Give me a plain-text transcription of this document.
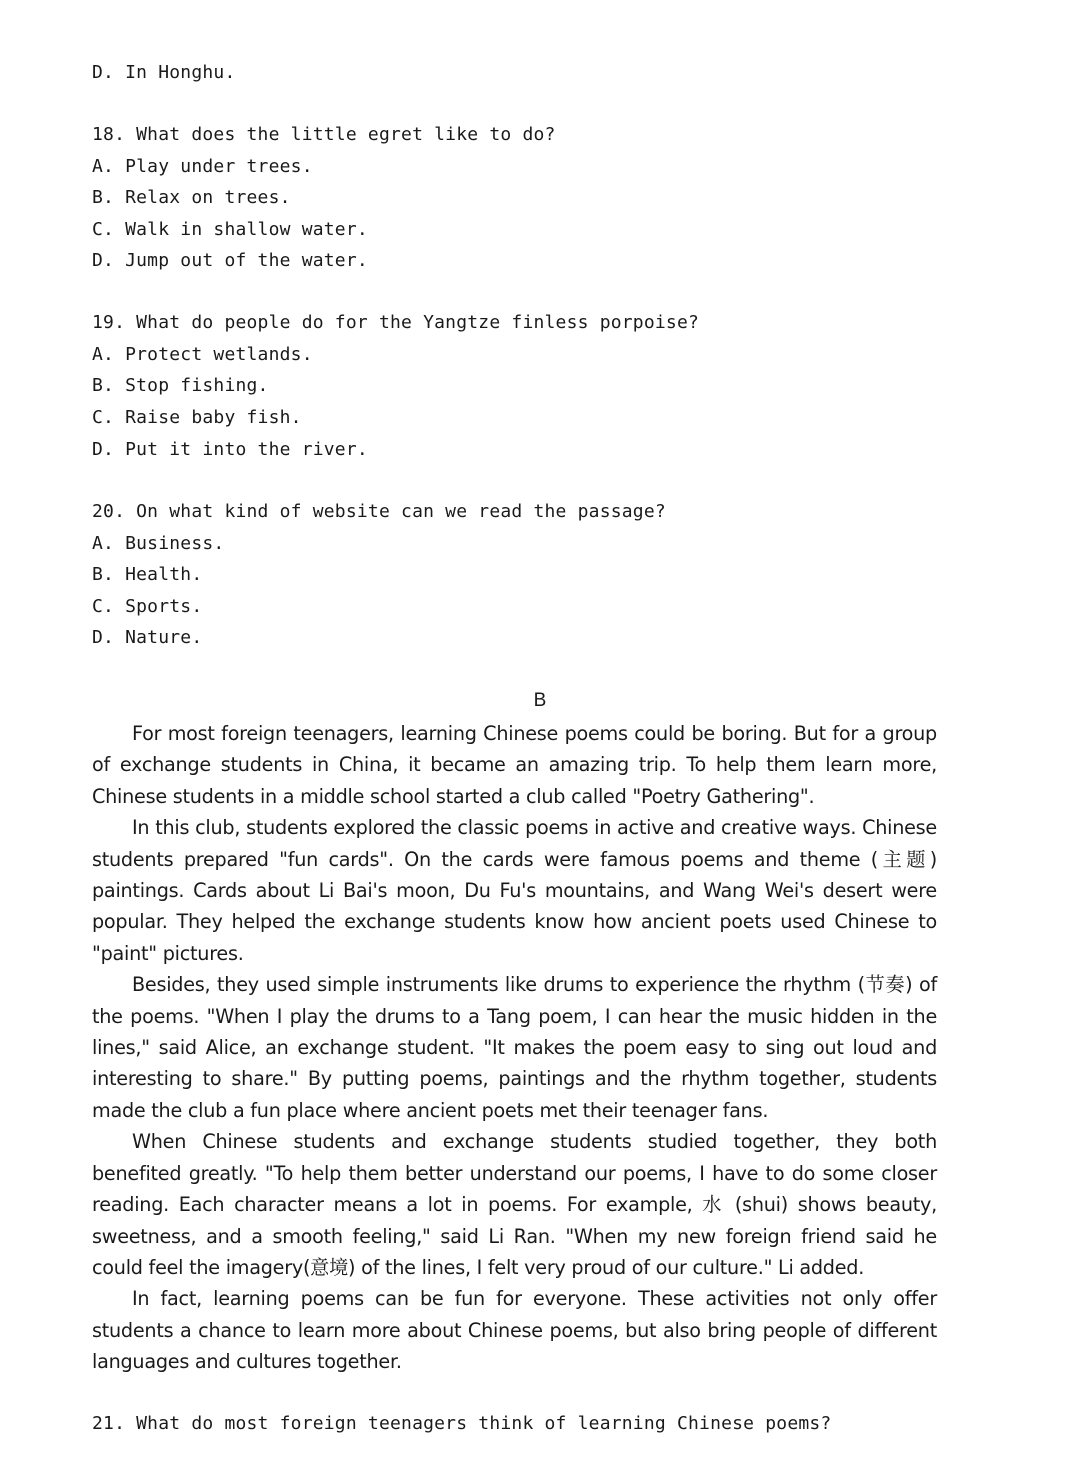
D. In Honghu.
18. What does the little egret like to do?
A. Play under trees.
B. Relax on trees.
C. Walk in shallow water.
D. Jump out of the water.
19. What do people do for the Yangtze finless porpoise?
A. Protect wetlands.
B. Stop fishing.
C. Raise baby fish.
D. Put it into the river.
20. On what kind of website can we read the passage?
A. Business.
B. Health.
C. Sports.
D. Nature.
B

For most foreign teenagers, learning Chinese poems could be boring. But for a group of exchange students in China, it became an amazing trip. To help them learn more, Chinese students in a middle school started a club called "Poetry Gathering".

In this club, students explored the classic poems in active and creative ways. Chinese students prepared "fun cards". On the cards were famous poems and theme (主题) paintings. Cards about Li Bai's moon, Du Fu's mountains, and Wang Wei's desert were popular. They helped the exchange students know how ancient poets used Chinese to "paint" pictures.

Besides, they used simple instruments like drums to experience the rhythm (节奏) of the poems. "When I play the drums to a Tang poem, I can hear the music hidden in the lines," said Alice, an exchange student. "It makes the poem easy to sing out loud and interesting to share." By putting poems, paintings and the rhythm together, students made the club a fun place where ancient poets met their teenager fans.

When Chinese students and exchange students studied together, they both benefited greatly. "To help them better understand our poems, I have to do some closer reading. Each character means a lot in poems. For example, 水 (shui) shows beauty, sweetness, and a smooth feeling," said Li Ran. "When my new foreign friend said he could feel the imagery(意境) of the lines, I felt very proud of our culture." Li added.

In fact, learning poems can be fun for everyone. These activities not only offer students a chance to learn more about Chinese poems, but also bring people of different languages and cultures together.

21. What do most foreign teenagers think of learning Chinese poems?
